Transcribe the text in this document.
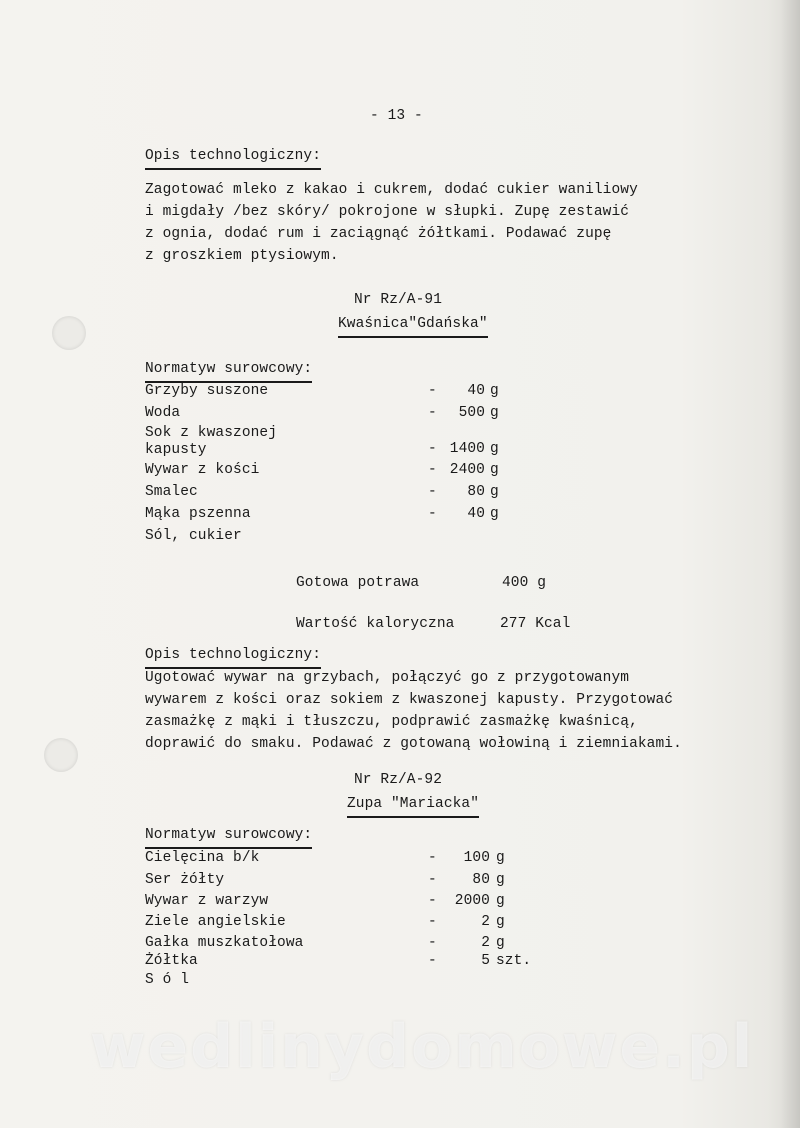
- 13 -
Opis technologiczny:
Zagotować mleko z kakao i cukrem, dodać cukier waniliowy
i migdały /bez skóry/ pokrojone w słupki. Zupę zestawić
z ognia, dodać rum i zaciągnąć żółtkami. Podawać zupę
z groszkiem ptysiowym.
Nr Rz/A-91
Kwaśnica"Gdańska"
Normatyw surowcowy:
Grzyby suszone	-	40 g
Woda	-	500 g
Sok z kwaszonej
kapusty	- 1400 g
Wywar z kości	- 2400 g
Smalec	-	80 g
Mąka pszenna	-	40 g
Sól, cukier
Gotowa potrawa	400 g
Wartość kaloryczna	277 Kcal
Opis technologiczny:
Ugotować wywar na grzybach, połączyć go z przygotowanym
wywarem z kości oraz sokiem z kwaszonej kapusty. Przygotować
zasmażkę z mąki i tłuszczu, podprawić zasmażkę kwaśnicą,
doprawić do smaku. Podawać z gotowaną wołowiną i ziemniakami.
Nr Rz/A-92
Zupa "Mariacka"
Normatyw surowcowy:
Cielęcina b/k	-	100 g
Ser żółty	-	80 g
Wywar z warzyw	-	2000 g
Ziele angielskie	-	2 g
Gałka muszkatołowa	-	2 g
Żółtka	-	5 szt.
S ó l
wedlinydomowe.pl
